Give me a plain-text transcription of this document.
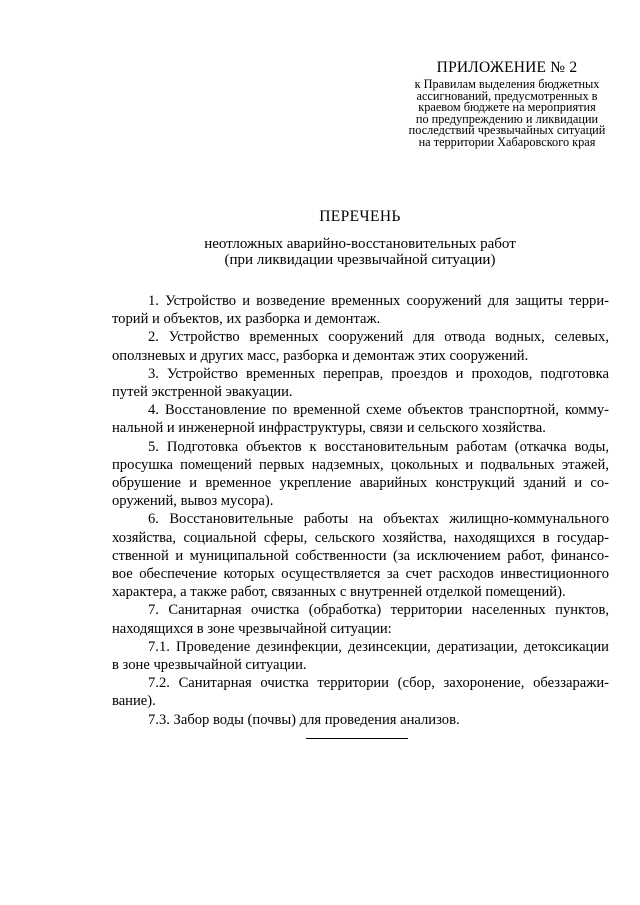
ПРИЛОЖЕНИЕ № 2

к Правилам выделения бюджетных

ассигнований, предусмотренных в

краевом бюджете на мероприятия

по предупреждению и ликвидации

последствий чрезвычайных ситуаций

на территории Хабаровского края

ПЕРЕЧЕНЬ

неотложных аварийно-восстановительных работ

(при ликвидации чрезвычайной ситуации)

1. Устройство и возведение временных сооружений для защиты терри-
торий и объектов, их разборка и демонтаж.
2. Устройство временных сооружений для отвода водных, селевых,
оползневых и других масс, разборка и демонтаж этих сооружений.
3. Устройство временных переправ, проездов и проходов, подготовка
путей экстренной эвакуации.
4. Восстановление по временной схеме объектов транспортной, комму-
нальной и инженерной инфраструктуры, связи и сельского хозяйства.
5. Подготовка объектов к восстановительным работам (откачка воды,
просушка помещений первых надземных, цокольных и подвальных этажей,
обрушение и временное укрепление аварийных конструкций зданий и со-
оружений, вывоз мусора).
6. Восстановительные работы на объектах жилищно-коммунального
хозяйства, социальной сферы, сельского хозяйства, находящихся в государ-
ственной и муниципальной собственности (за исключением работ, финансо-
вое обеспечение которых осуществляется за счет расходов инвестиционного
характера, а также работ, связанных с внутренней отделкой помещений).
7. Санитарная очистка (обработка) территории населенных пунктов,
находящихся в зоне чрезвычайной ситуации:
7.1. Проведение дезинфекции, дезинсекции, дератизации, детоксикации
в зоне чрезвычайной ситуации.
7.2. Санитарная очистка территории (сбор, захоронение, обеззаражи-
вание).
7.3. Забор воды (почвы) для проведения анализов.
